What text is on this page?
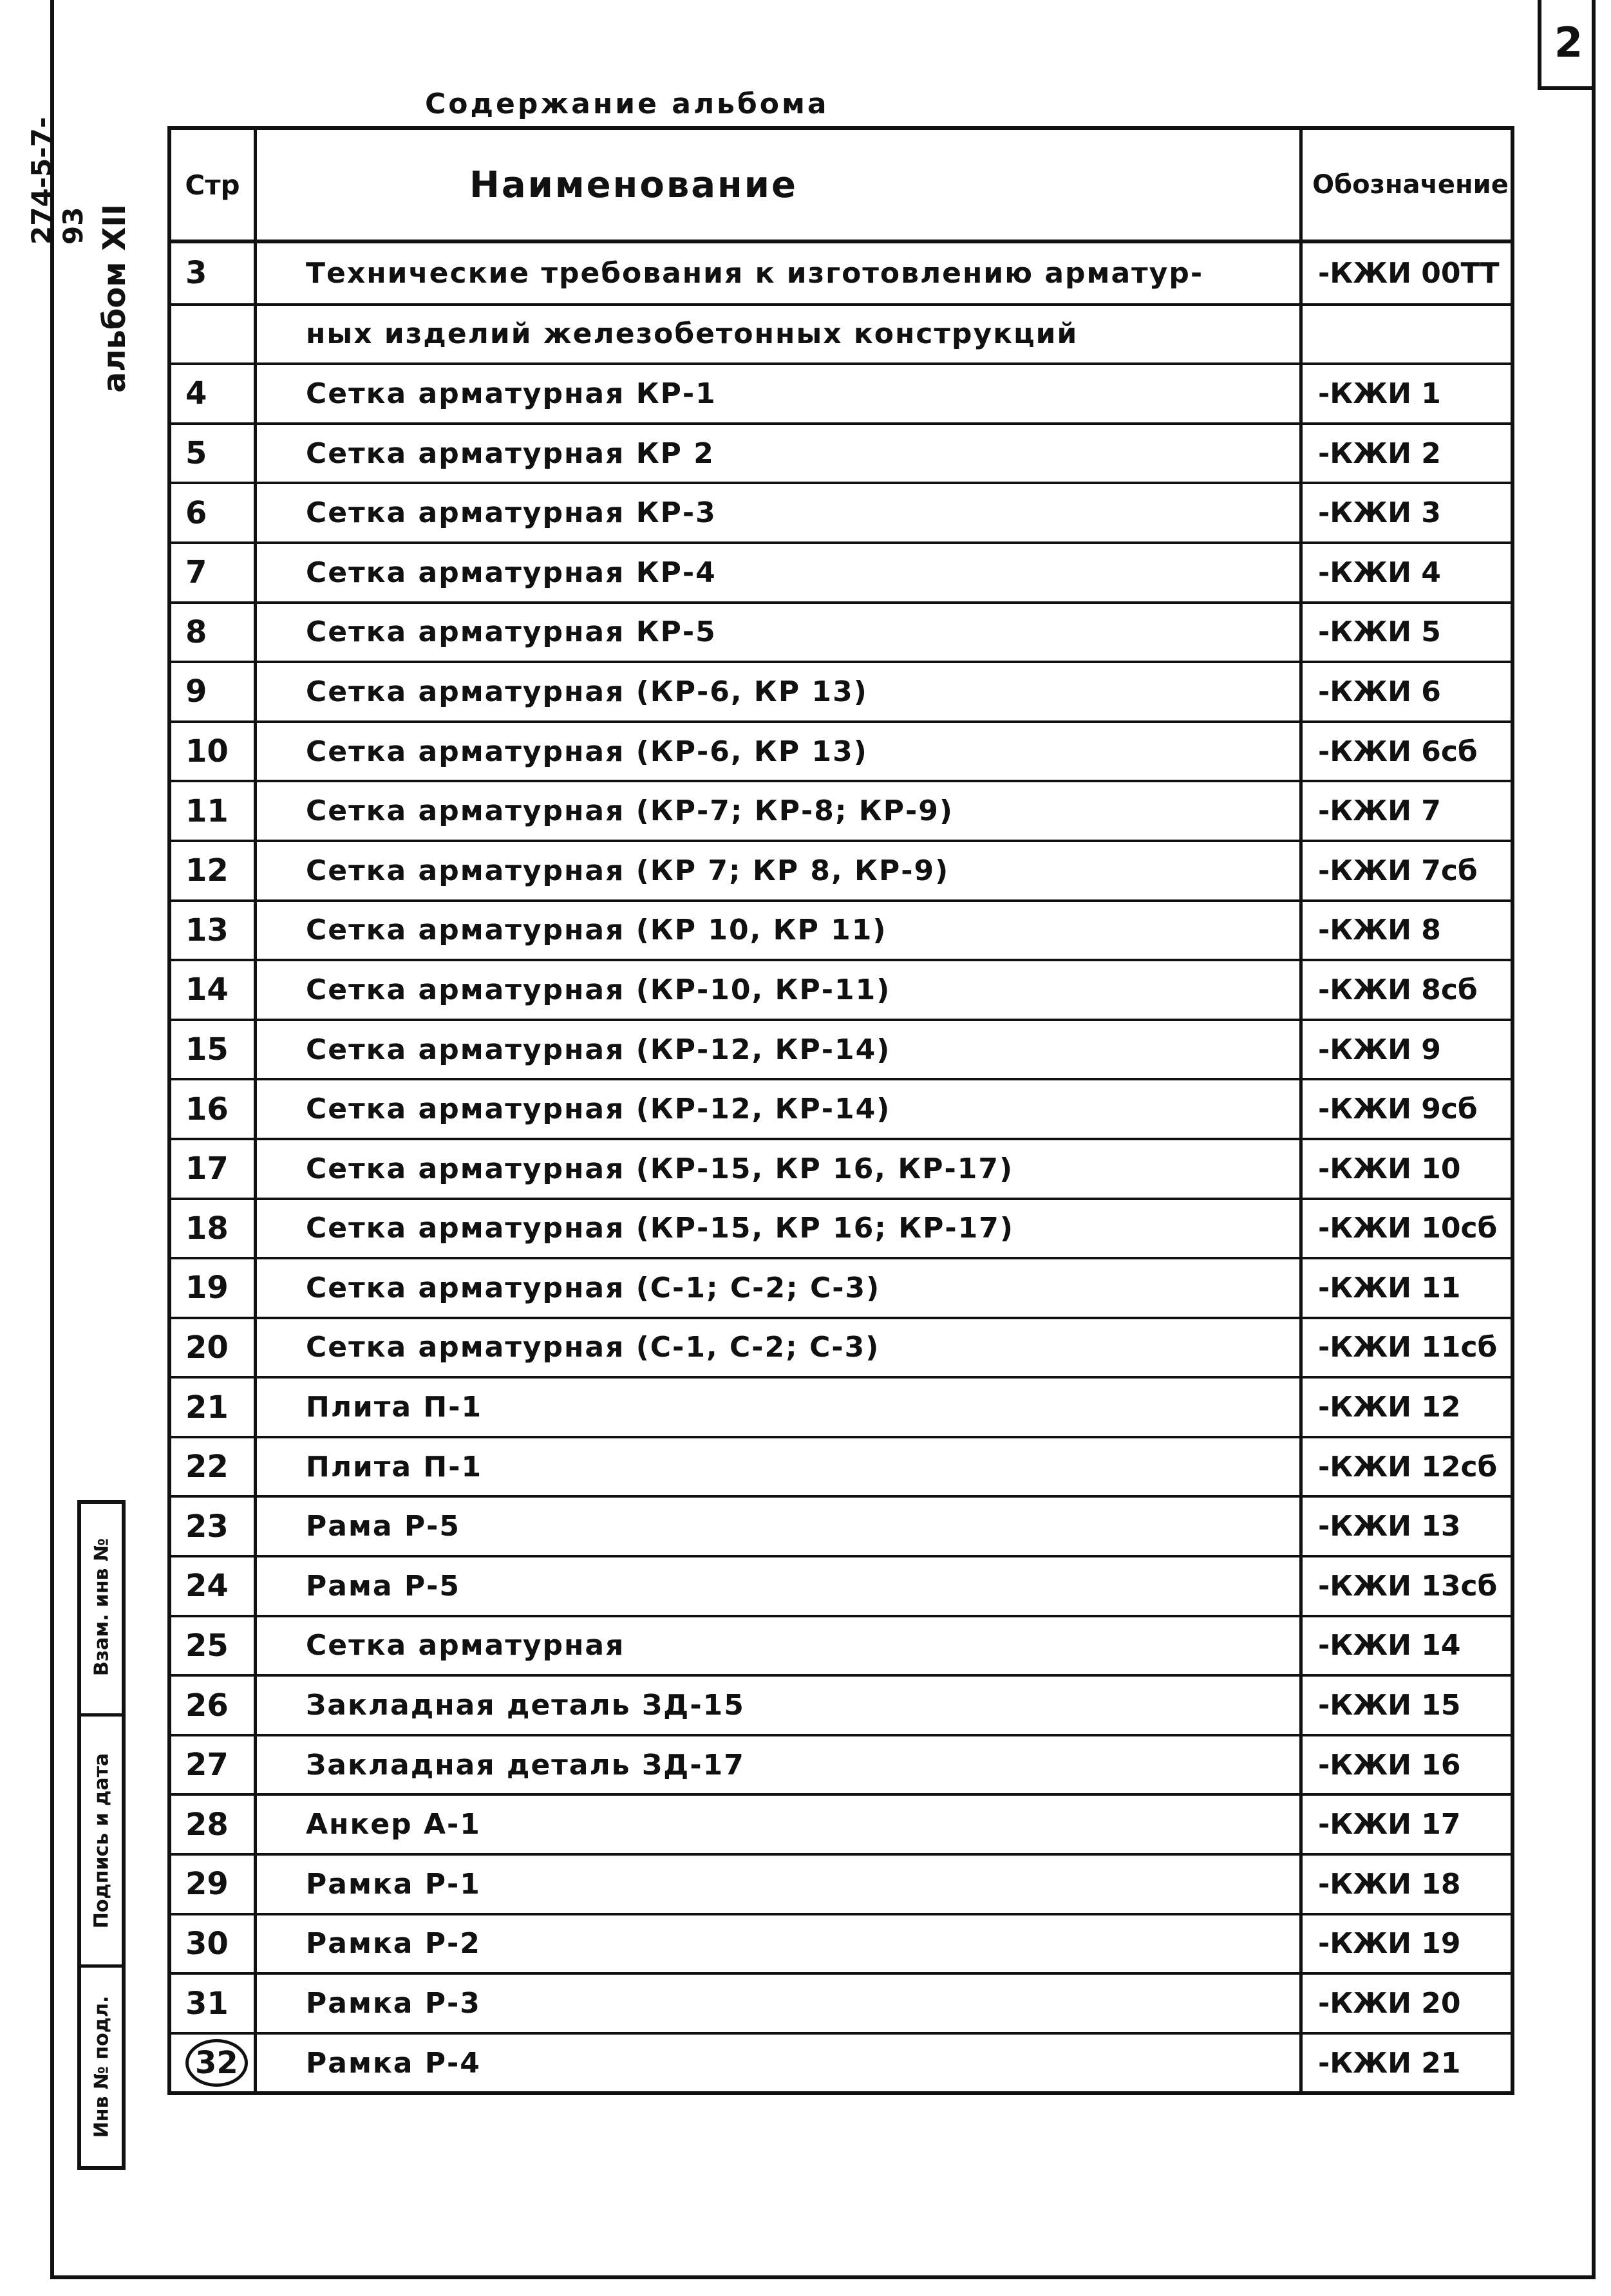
2
274-5-7-93 альбом XII
Взам. инв №
Подпись и дата
Инв № подл.
Содержание альбома
Стр	Наименование	Обозначение
3	Технические требования к изготовлению арматур-	-КЖИ 00ТТ
ных изделий железобетонных конструкций
4	Сетка арматурная КР-1	-КЖИ 1
5	Сетка арматурная КР 2	-КЖИ 2
6	Сетка арматурная КР-3	-КЖИ 3
7	Сетка арматурная КР-4	-КЖИ 4
8	Сетка арматурная КР-5	-КЖИ 5
9	Сетка арматурная (КР-6, КР 13)	-КЖИ 6
10	Сетка арматурная (КР-6, КР 13)	-КЖИ 6сб
11	Сетка арматурная (КР-7; КР-8; КР-9)	-КЖИ 7
12	Сетка арматурная (КР 7; КР 8, КР-9)	-КЖИ 7сб
13	Сетка арматурная (КР 10, КР 11)	-КЖИ 8
14	Сетка арматурная (КР-10, КР-11)	-КЖИ 8сб
15	Сетка арматурная (КР-12, КР-14)	-КЖИ 9
16	Сетка арматурная (КР-12, КР-14)	-КЖИ 9сб
17	Сетка арматурная (КР-15, КР 16, КР-17)	-КЖИ 10
18	Сетка арматурная (КР-15, КР 16; КР-17)	-КЖИ 10сб
19	Сетка арматурная (С-1; С-2; С-3)	-КЖИ 11
20	Сетка арматурная (С-1, С-2; С-3)	-КЖИ 11сб
21	Плита П-1	-КЖИ 12
22	Плита П-1	-КЖИ 12сб
23	Рама Р-5	-КЖИ 13
24	Рама Р-5	-КЖИ 13сб
25	Сетка арматурная	-КЖИ 14
26	Закладная деталь ЗД-15	-КЖИ 15
27	Закладная деталь ЗД-17	-КЖИ 16
28	Анкер А-1	-КЖИ 17
29	Рамка Р-1	-КЖИ 18
30	Рамка Р-2	-КЖИ 19
31	Рамка Р-3	-КЖИ 20
32	Рамка Р-4	-КЖИ 21
